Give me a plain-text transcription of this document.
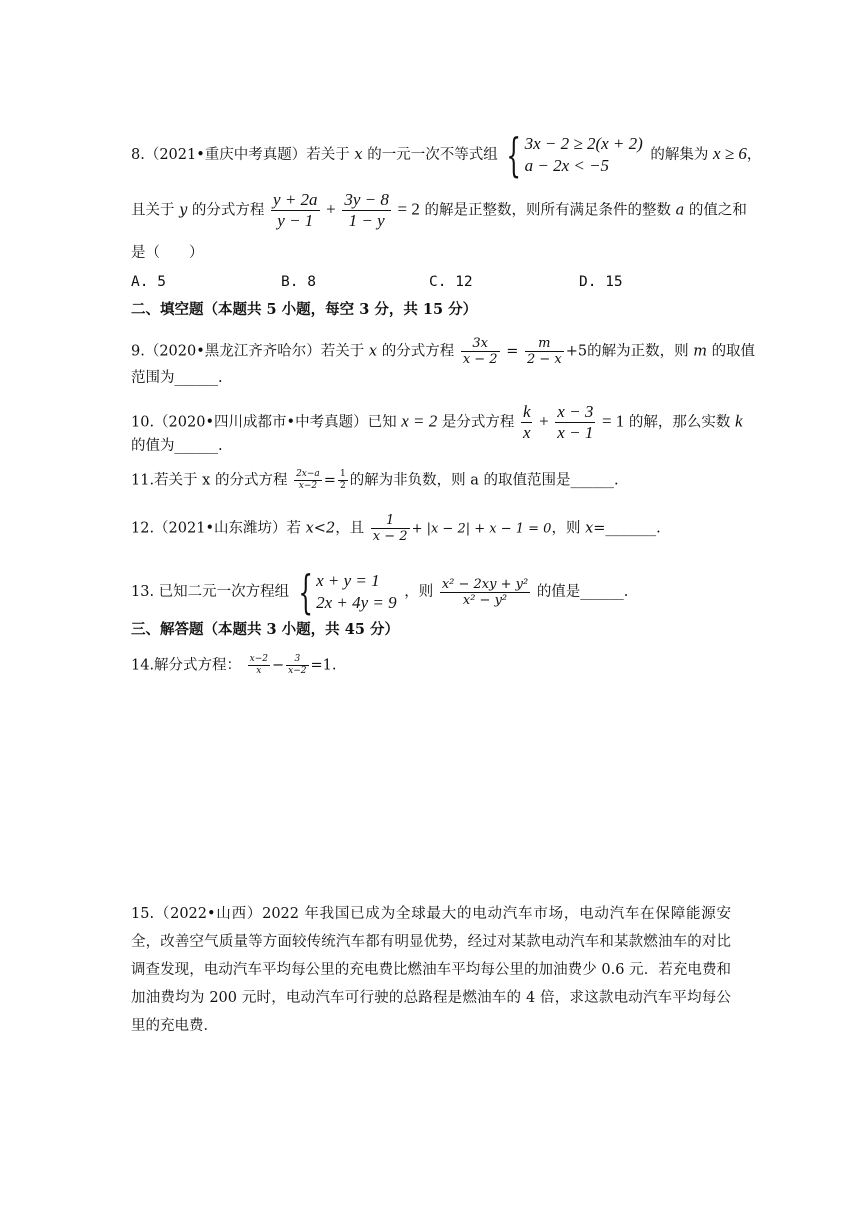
8.（2021•重庆中考真题）若关于 x 的一元一次不等式组 { 3x − 2 ≥ 2(x + 2)
a − 2x < −5
的解集为 x ≥ 6，
且关于 y 的分式方程 $\frac{y + 2a}{y - 1} + \frac{3y - 8}{1 - y} = 2$ 的解是正整数，则所有满足条件的整数 a 的值之和
是（　　）
A. 5	B. 8	C. 12	D. 15
二、填空题（本题共 5 小题，每空 3 分，共 15 分）
9.（2020•黑龙江齐齐哈尔）若关于 x 的分式方程 $\frac{3x}{x - 2} = \frac{m}{2 - x} +5$的解为正数，则 m 的取值
范围为______.
10.（2020•四川成都市•中考真题）已知 x = 2 是分式方程 $\frac{k}{x} + \frac{x - 3}{x - 1} = 1$ 的解，那么实数 k
的值为______.
11.若关于 x 的分式方程 $\frac{2x-a}{x-2} = \frac{1}{2}$ 的解为非负数，则 a 的取值范围是______.
12.（2021•山东潍坊）若 x<2，且 $\frac{1}{x - 2} + |x - 2| + x - 1 = 0$，则 x=_______.
13. 已知二元一次方程组 { x + y = 1
2x + 4y = 9
，则 $\frac{\text{x² − 2xy + y²}}{\text{x² − y²}}$ 的值是______.
三、解答题（本题共 3 小题，共 45 分）
14.解分式方程： $\frac{x-2}{x} - \frac{3}{x-2} =1$.
15.（2022•山西）2022 年我国已成为全球最大的电动汽车市场，电动汽车在保障能源安全，改善空气质量等方面较传统汽车都有明显优势，经过对某款电动汽车和某款燃油车的对比调查发现，电动汽车平均每公里的充电费比燃油车平均每公里的加油费少 0.6 元．若充电费和加油费均为 200 元时，电动汽车可行驶的总路程是燃油车的 4 倍，求这款电动汽车平均每公里的充电费．
